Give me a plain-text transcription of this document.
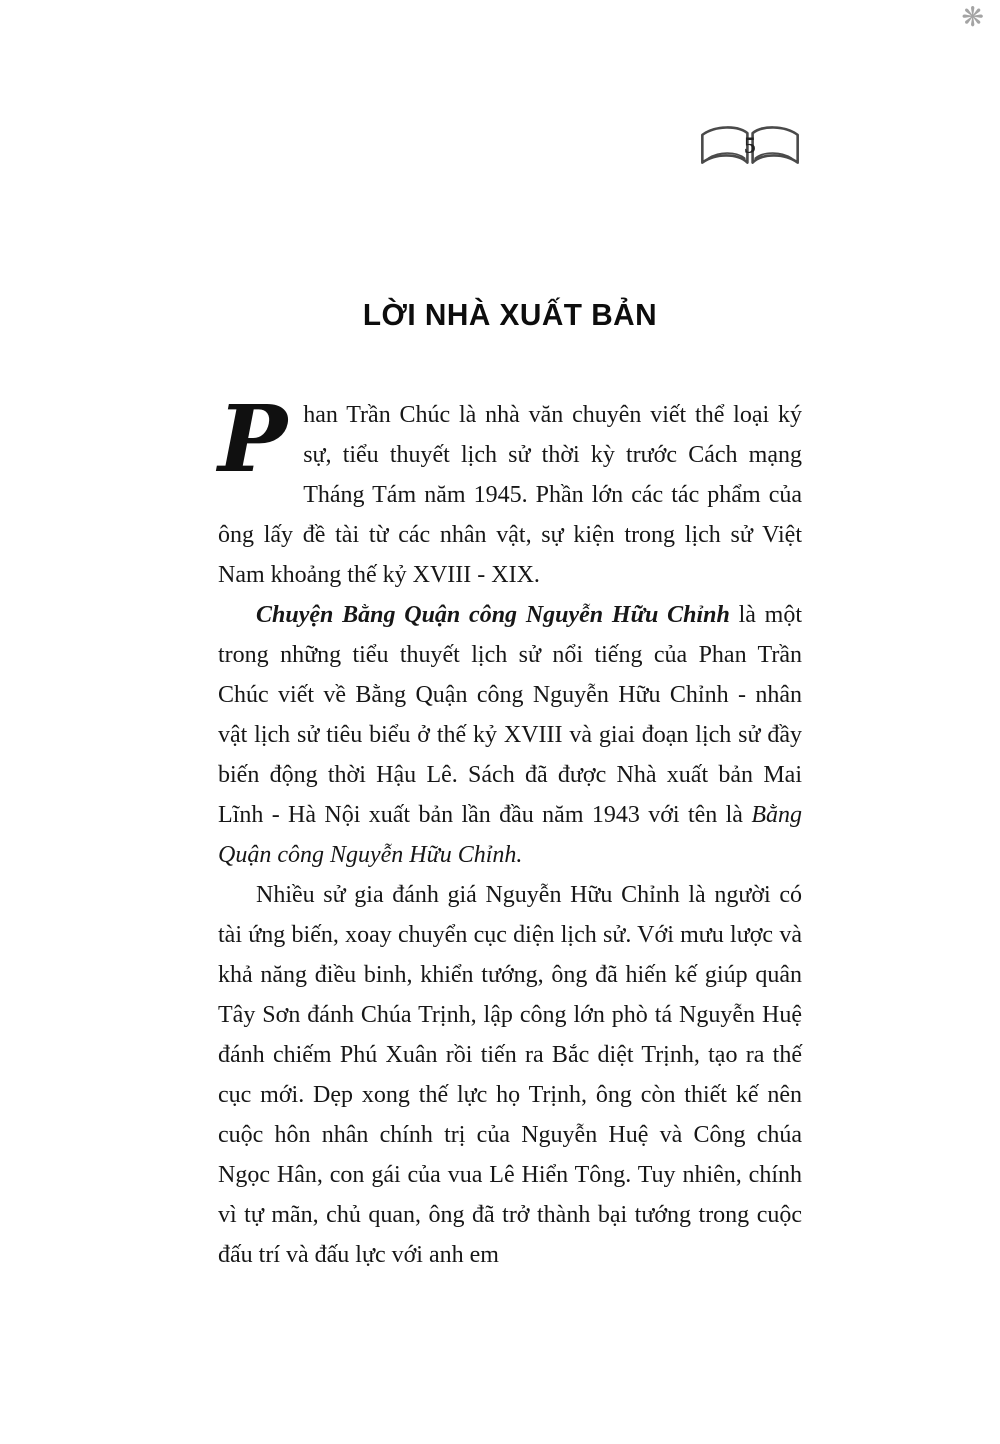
❋
5
LỜI NHÀ XUẤT BẢN

Phan Trần Chúc là nhà văn chuyên viết thể loại ký sự, tiểu thuyết lịch sử thời kỳ trước Cách mạng Tháng Tám năm 1945. Phần lớn các tác phẩm của ông lấy đề tài từ các nhân vật, sự kiện trong lịch sử Việt Nam khoảng thế kỷ XVIII - XIX.

Chuyện Bằng Quận công Nguyễn Hữu Chỉnh là một trong những tiểu thuyết lịch sử nổi tiếng của Phan Trần Chúc viết về Bằng Quận công Nguyễn Hữu Chỉnh - nhân vật lịch sử tiêu biểu ở thế kỷ XVIII và giai đoạn lịch sử đầy biến động thời Hậu Lê. Sách đã được Nhà xuất bản Mai Lĩnh - Hà Nội xuất bản lần đầu năm 1943 với tên là Bằng Quận công Nguyễn Hữu Chỉnh.

Nhiều sử gia đánh giá Nguyễn Hữu Chỉnh là người có tài ứng biến, xoay chuyển cục diện lịch sử. Với mưu lược và khả năng điều binh, khiển tướng, ông đã hiến kế giúp quân Tây Sơn đánh Chúa Trịnh, lập công lớn phò tá Nguyễn Huệ đánh chiếm Phú Xuân rồi tiến ra Bắc diệt Trịnh, tạo ra thế cục mới. Dẹp xong thế lực họ Trịnh, ông còn thiết kế nên cuộc hôn nhân chính trị của Nguyễn Huệ và Công chúa Ngọc Hân, con gái của vua Lê Hiển Tông. Tuy nhiên, chính vì tự mãn, chủ quan, ông đã trở thành bại tướng trong cuộc đấu trí và đấu lực với anh em
